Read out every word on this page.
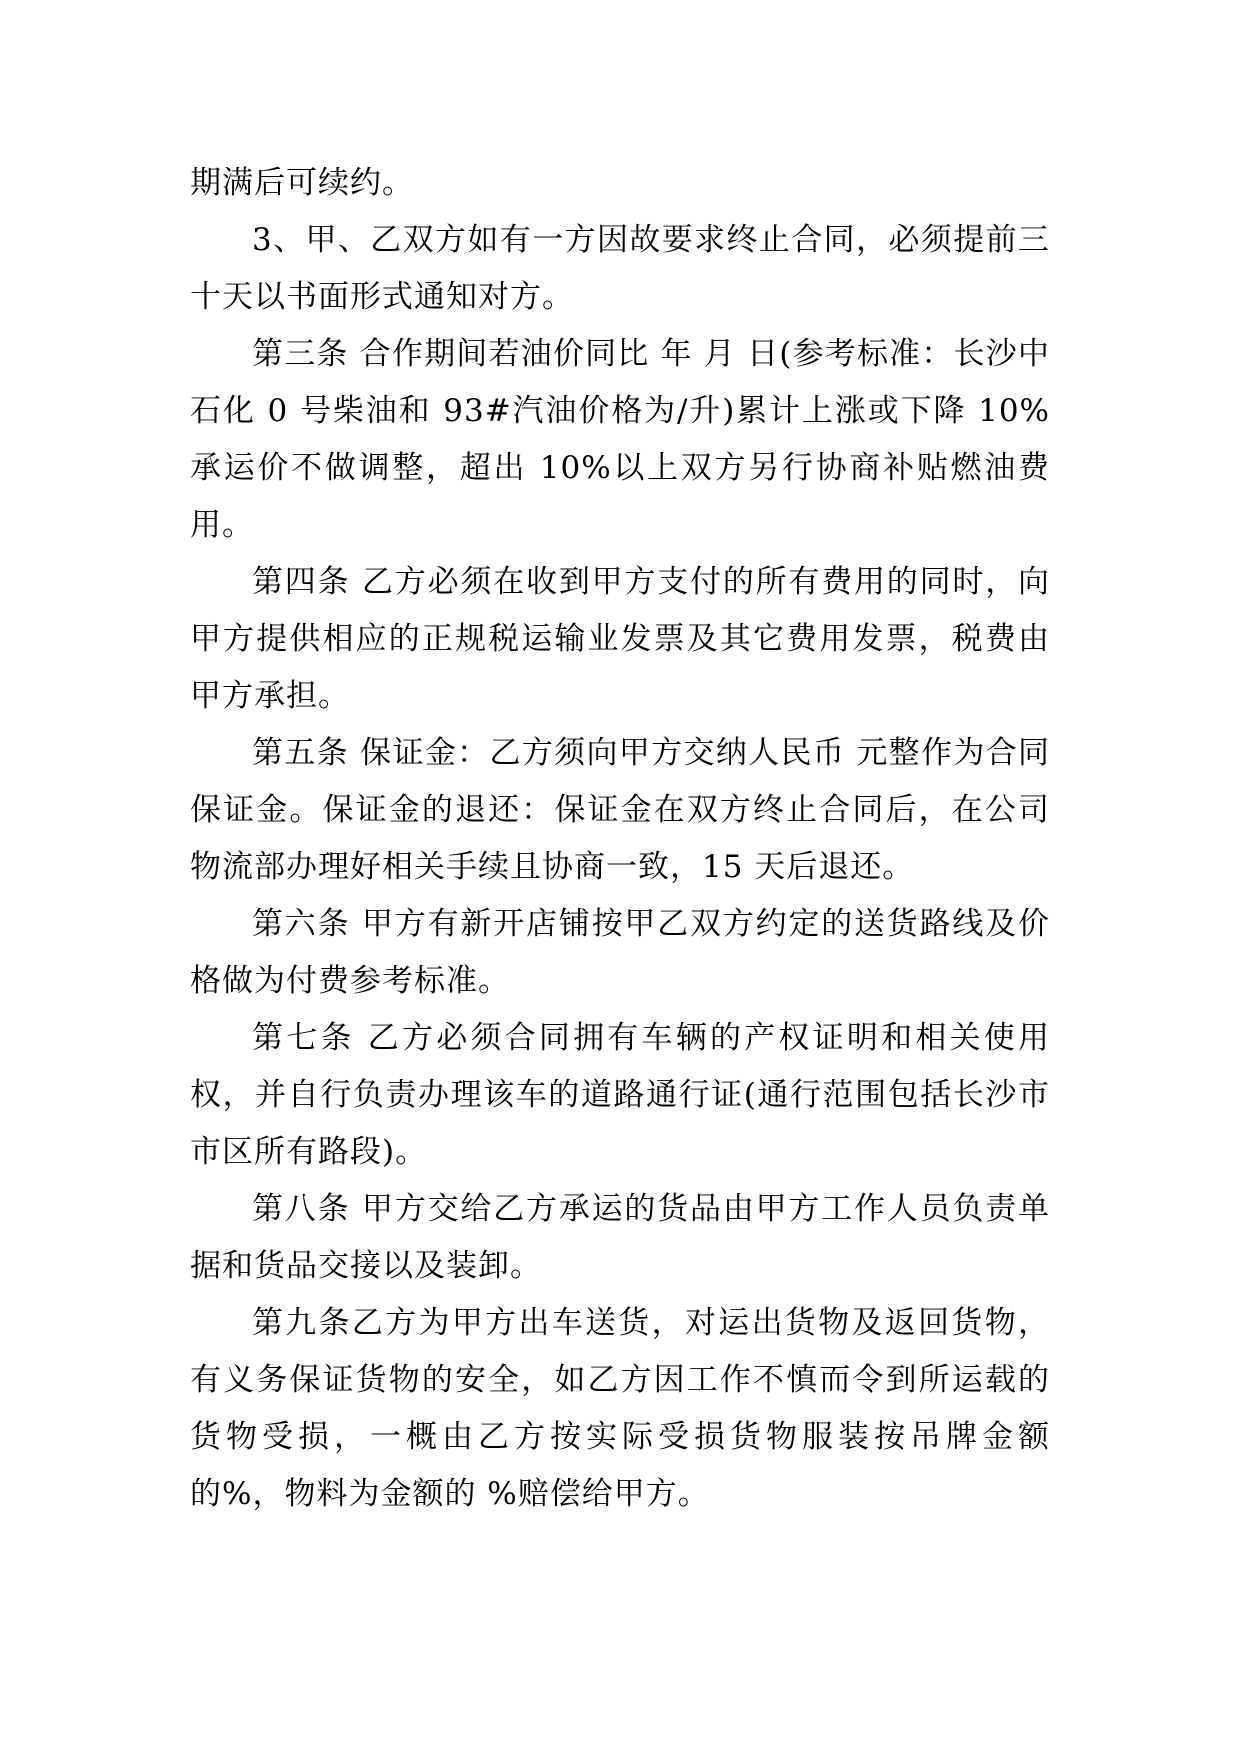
期满后可续约。

3、甲、乙双方如有一方因故要求终止合同，必须提前三十天以书面形式通知对方。

第三条 合作期间若油价同比 年 月 日(参考标准：长沙中石化 0 号柴油和 93#汽油价格为/升)累计上涨或下降 10%承运价不做调整，超出 10%以上双方另行协商补贴燃油费用。

第四条 乙方必须在收到甲方支付的所有费用的同时，向甲方提供相应的正规税运输业发票及其它费用发票，税费由甲方承担。

第五条 保证金：乙方须向甲方交纳人民币 元整作为合同保证金。保证金的退还：保证金在双方终止合同后，在公司物流部办理好相关手续且协商一致，15 天后退还。

第六条 甲方有新开店铺按甲乙双方约定的送货路线及价格做为付费参考标准。

第七条 乙方必须合同拥有车辆的产权证明和相关使用权，并自行负责办理该车的道路通行证(通行范围包括长沙市市区所有路段)。

第八条 甲方交给乙方承运的货品由甲方工作人员负责单据和货品交接以及装卸。

第九条乙方为甲方出车送货，对运出货物及返回货物，有义务保证货物的安全，如乙方因工作不慎而令到所运载的货物受损，一概由乙方按实际受损货物服装按吊牌金额的%，物料为金额的 %赔偿给甲方。
